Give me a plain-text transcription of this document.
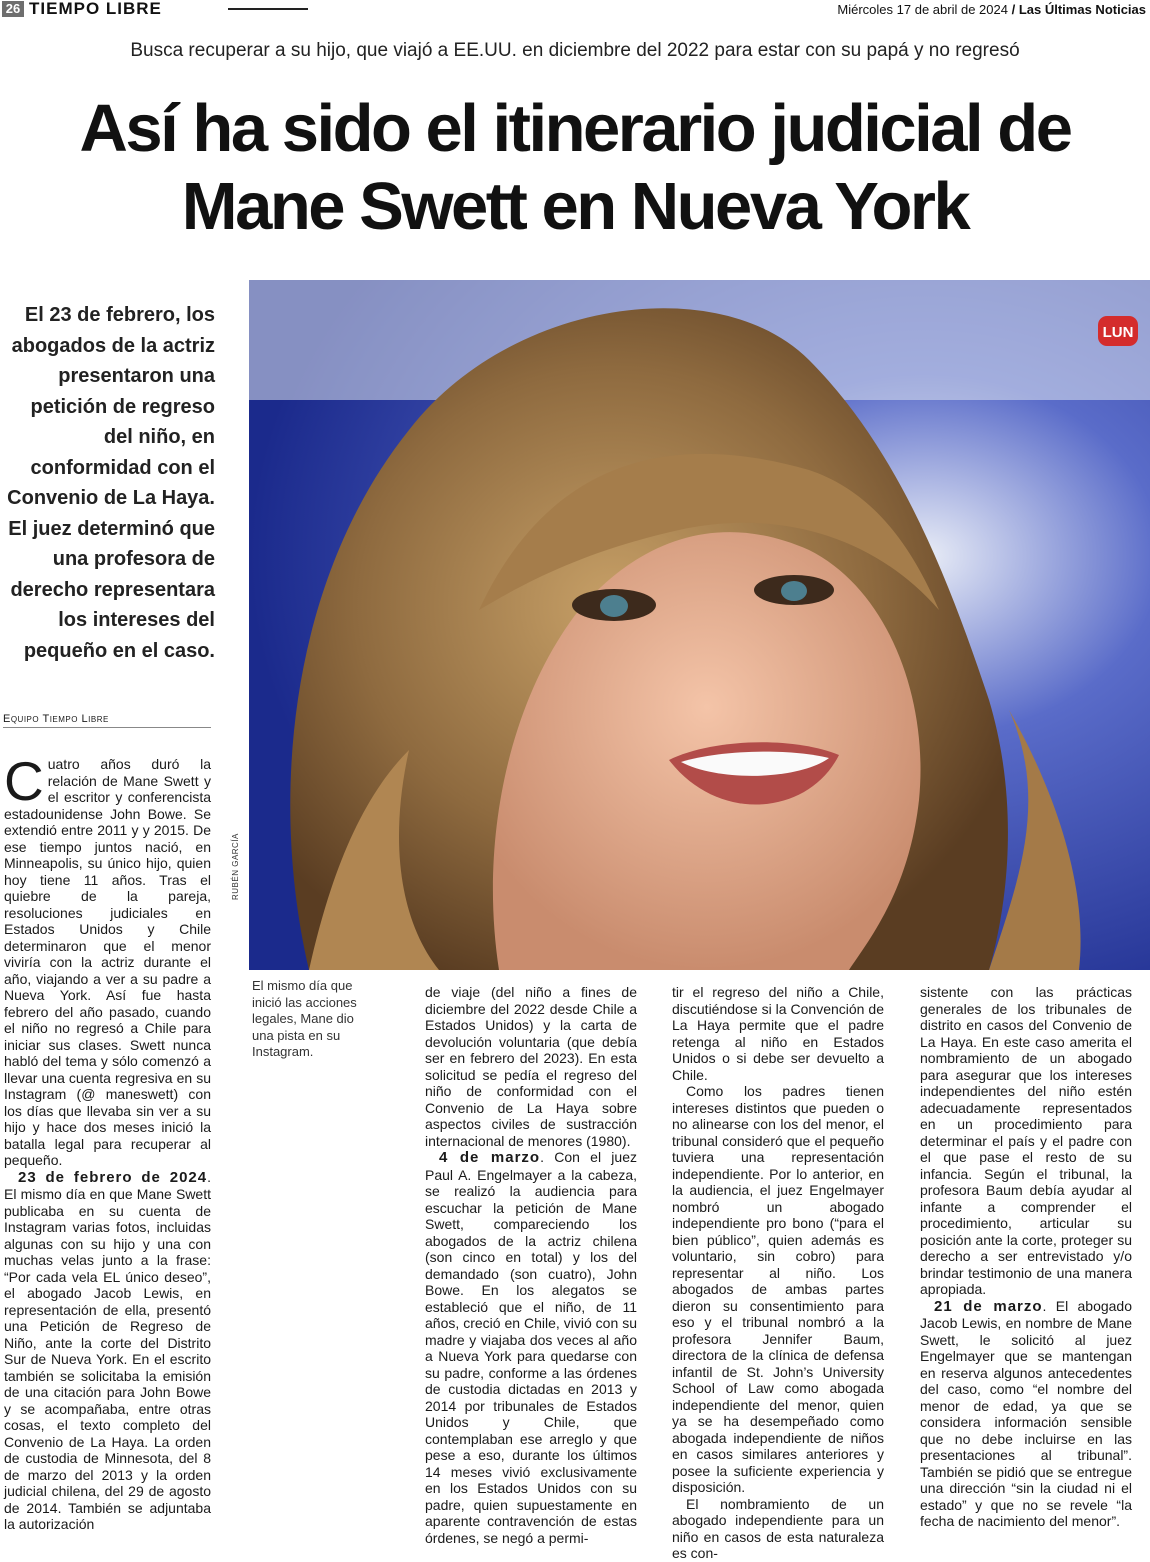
26 TIEMPO LIBRE	Miércoles 17 de abril de 2024 / Las Últimas Noticias
Busca recuperar a su hijo, que viajó a EE.UU. en diciembre del 2022 para estar con su papá y no regresó
Así ha sido el itinerario judicial de
Mane Swett en Nueva York
El 23 de febrero, los abogados de la actriz presentaron una petición de regreso del niño, en conformidad con el Convenio de La Haya. El juez determinó que una profesora de derecho representara los intereses del pequeño en el caso.
Equipo Tiempo Libre
LUN
RUBÉN GARCÍA
El mismo día que inició las acciones legales, Mane dio una pista en su Instagram.

Cuatro años duró la relación de Mane Swett y el escritor y conferencista estadounidense John Bowe. Se extendió entre 2011 y y 2015. De ese tiempo juntos nació, en Minneapolis, su único hijo, quien hoy tiene 11 años. Tras el quiebre de la pareja, resoluciones judiciales en Estados Unidos y Chile determinaron que el menor viviría con la actriz durante el año, viajando a ver a su padre a Nueva York. Así fue hasta febrero del año pasado, cuando el niño no regresó a Chile para iniciar sus clases. Swett nunca habló del tema y sólo comenzó a llevar una cuenta regresiva en su Instagram (@ maneswett) con los días que llevaba sin ver a su hijo y hace dos meses inició la batalla legal para recuperar al pequeño.

23 de febrero de 2024. El mismo día en que Mane Swett publicaba en su cuenta de Instagram varias fotos, incluidas algunas con su hijo y una con muchas velas junto a la frase: “Por cada vela EL único deseo”, el abogado Jacob Lewis, en representación de ella, presentó una Petición de Regreso de Niño, ante la corte del Distrito Sur de Nueva York. En el escrito también se solicitaba la emisión de una citación para John Bowe y se acompañaba, entre otras cosas, el texto completo del Convenio de La Haya. La orden de custodia de Minnesota, del 8 de marzo del 2013 y la orden judicial chilena, del 29 de agosto de 2014. También se adjuntaba la autorización

de viaje (del niño a fines de diciembre del 2022 desde Chile a Estados Unidos) y la carta de devolución voluntaria (que debía ser en febrero del 2023). En esta solicitud se pedía el regreso del niño de conformidad con el Convenio de La Haya sobre aspectos civiles de sustracción internacional de menores (1980).

4 de marzo. Con el juez Paul A. Engelmayer a la cabeza, se realizó la audiencia para escuchar la petición de Mane Swett, compareciendo los abogados de la actriz chilena (son cinco en total) y los del demandado (son cuatro), John Bowe. En los alegatos se estableció que el niño, de 11 años, creció en Chile, vivió con su madre y viajaba dos veces al año a Nueva York para quedarse con su padre, conforme a las órdenes de custodia dictadas en 2013 y 2014 por tribunales de Estados Unidos y Chile, que contemplaban ese arreglo y que pese a eso, durante los últimos 14 meses vivió exclusivamente en los Estados Unidos con su padre, quien supuestamente en aparente contravención de estas órdenes, se negó a permi-

tir el regreso del niño a Chile, discutiéndose si la Convención de La Haya permite que el padre retenga al niño en Estados Unidos o si debe ser devuelto a Chile.

Como los padres tienen intereses distintos que pueden o no alinearse con los del menor, el tribunal consideró que el pequeño tuviera una representación independiente. Por lo anterior, en la audiencia, el juez Engelmayer nombró un abogado independiente pro bono (“para el bien público”, quien además es voluntario, sin cobro) para representar al niño. Los abogados de ambas partes dieron su consentimiento para eso y el tribunal nombró a la profesora Jennifer Baum, directora de la clínica de defensa infantil de St. John’s University School of Law como abogada independiente del menor, quien ya se ha desempeñado como abogada independiente de niños en casos similares anteriores y posee la suficiente experiencia y disposición.

El nombramiento de un abogado independiente para un niño en casos de esta naturaleza es con-

sistente con las prácticas generales de los tribunales de distrito en casos del Convenio de La Haya. En este caso amerita el nombramiento de un abogado para asegurar que los intereses independientes del niño estén adecuadamente representados en un procedimiento para determinar el país y el padre con el que pase el resto de su infancia. Según el tribunal, la profesora Baum debía ayudar al infante a comprender el procedimiento, articular su posición ante la corte, proteger su derecho a ser entrevistado y/o brindar testimonio de una manera apropiada.

21 de marzo. El abogado Jacob Lewis, en nombre de Mane Swett, le solicitó al juez Engelmayer que se mantengan en reserva algunos antecedentes del caso, como “el nombre del menor de edad, ya que se considera información sensible que no debe incluirse en las presentaciones al tribunal”. También se pidió que se entregue una dirección “sin la ciudad ni el estado” y que no se revele “la fecha de nacimiento del menor”.
